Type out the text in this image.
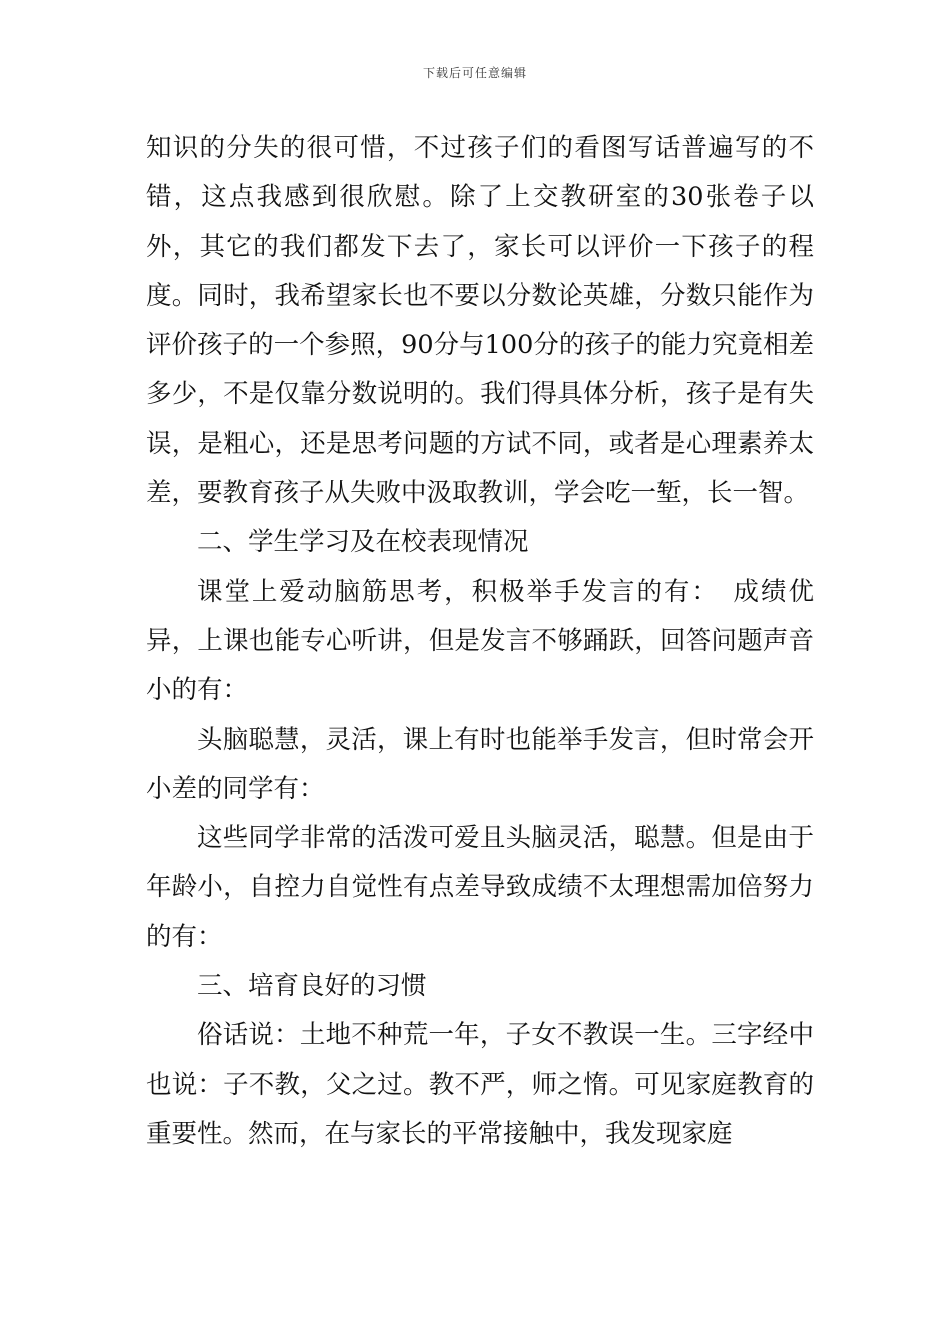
下载后可任意编辑

知识的分失的很可惜，不过孩子们的看图写话普遍写的不错，这点我感到很欣慰。除了上交教研室的30张卷子以外，其它的我们都发下去了，家长可以评价一下孩子的程度。同时，我希望家长也不要以分数论英雄，分数只能作为评价孩子的一个参照，90分与100分的孩子的能力究竟相差多少，不是仅靠分数说明的。我们得具体分析，孩子是有失误，是粗心，还是思考问题的方试不同，或者是心理素养太差，要教育孩子从失败中汲取教训，学会吃一堑，长一智。

二、学生学习及在校表现情况

课堂上爱动脑筋思考，积极举手发言的有：　成绩优异，上课也能专心听讲，但是发言不够踊跃，回答问题声音小的有：

头脑聪慧，灵活，课上有时也能举手发言，但时常会开小差的同学有：

这些同学非常的活泼可爱且头脑灵活，聪慧。但是由于年龄小，自控力自觉性有点差导致成绩不太理想需加倍努力的有：

三、培育良好的习惯

俗话说：土地不种荒一年，子女不教误一生。三字经中也说：子不教，父之过。教不严，师之惰。可见家庭教育的重要性。然而，在与家长的平常接触中，我发现家庭
